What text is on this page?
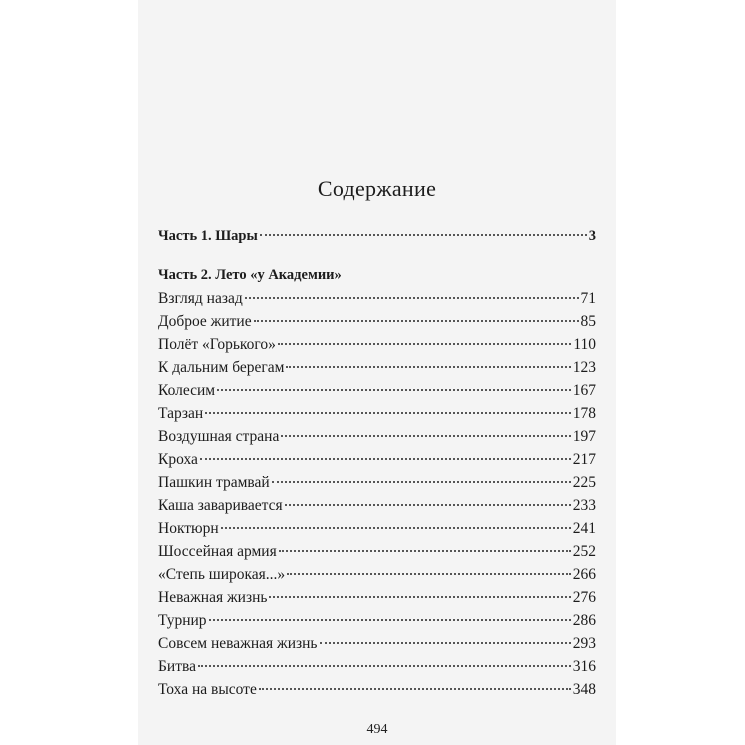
Содержание
Часть 1. Шары	3
Часть 2. Лето «у Академии»
Взгляд назад	71
Доброе житие	85
Полёт «Горького»	110
К дальним берегам	123
Колесим	167
Тарзан	178
Воздушная страна	197
Кроха	217
Пашкин трамвай	225
Каша заваривается	233
Ноктюрн	241
Шоссейная армия	252
«Степь широкая...»	266
Неважная жизнь	276
Турнир	286
Совсем неважная жизнь	293
Битва	316
Тоха на высоте	348
494
